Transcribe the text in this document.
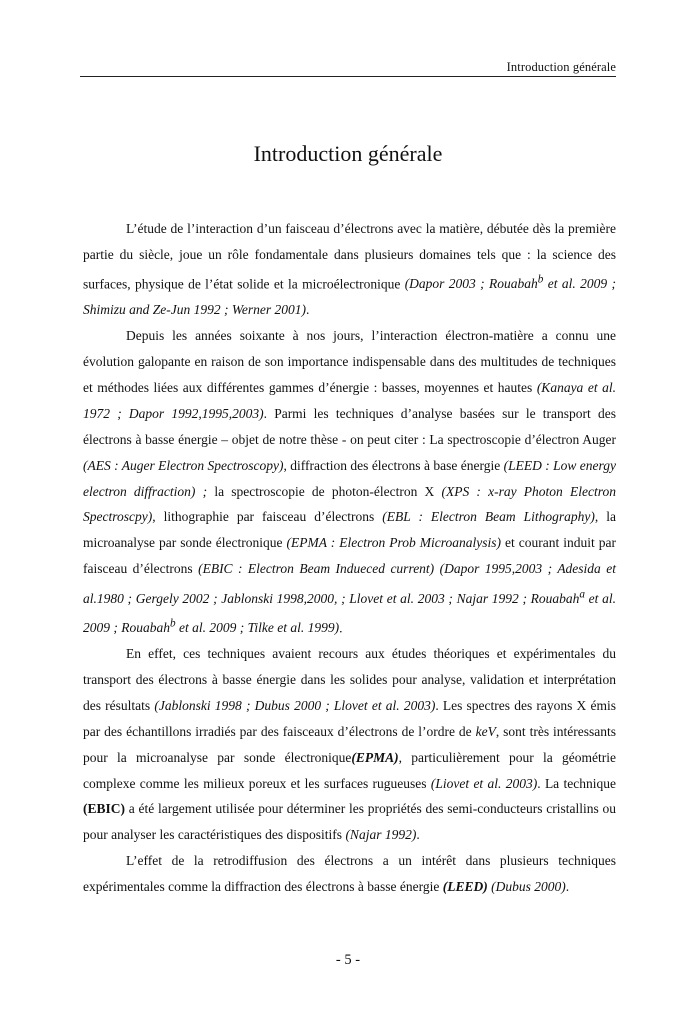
Introduction générale
Introduction générale

L’étude de l’interaction d’un faisceau d’électrons avec la matière, débutée dès la première partie du siècle, joue un rôle fondamentale dans plusieurs domaines tels que : la science des surfaces, physique de l’état solide et la microélectronique (Dapor 2003 ; Rouabah$^b$ et al. 2009 ; Shimizu and Ze-Jun 1992 ; Werner 2001).

Depuis les années soixante à nos jours, l’interaction électron-matière a connu une évolution galopante en raison de son importance indispensable dans des multitudes de techniques et méthodes liées aux différentes gammes d’énergie : basses, moyennes et hautes (Kanaya et al. 1972 ; Dapor 1992,1995,2003). Parmi les techniques d’analyse basées sur le transport des électrons à basse énergie – objet de notre thèse - on peut citer : La spectroscopie d’électron Auger (AES : Auger Electron Spectroscopy), diffraction des électrons à base énergie (LEED : Low energy electron diffraction) ; la spectroscopie de photon-électron X (XPS : x-ray Photon Electron Spectroscpy), lithographie par faisceau d’électrons (EBL : Electron Beam Lithography), la microanalyse par sonde électronique (EPMA : Electron Prob Microanalysis) et courant induit par faisceau d’électrons (EBIC : Electron Beam Indueced current) (Dapor 1995,2003 ; Adesida et al.1980 ; Gergely 2002 ; Jablonski 1998,2000, ; Llovet et al. 2003 ; Najar 1992 ; Rouabah$^a$ et al. 2009 ; Rouabah$^b$ et al. 2009 ; Tilke et al. 1999).

En effet, ces techniques avaient recours aux études théoriques et expérimentales du transport des électrons à basse énergie dans les solides pour analyse, validation et interprétation des résultats (Jablonski 1998 ; Dubus 2000 ; Llovet et al. 2003). Les spectres des rayons X émis par des échantillons irradiés par des faisceaux d’électrons de l’ordre de keV, sont très intéressants pour la microanalyse par sonde électronique(EPMA), particulièrement pour la géométrie complexe comme les milieux poreux et les surfaces rugueuses (Liovet et al. 2003). La technique (EBIC) a été largement utilisée pour déterminer les propriétés des semi-conducteurs cristallins ou pour analyser les caractéristiques des dispositifs (Najar 1992).

L’effet de la retrodiffusion des électrons a un intérêt dans plusieurs techniques expérimentales comme la diffraction des électrons à basse énergie (LEED) (Dubus 2000).

- 5 -
